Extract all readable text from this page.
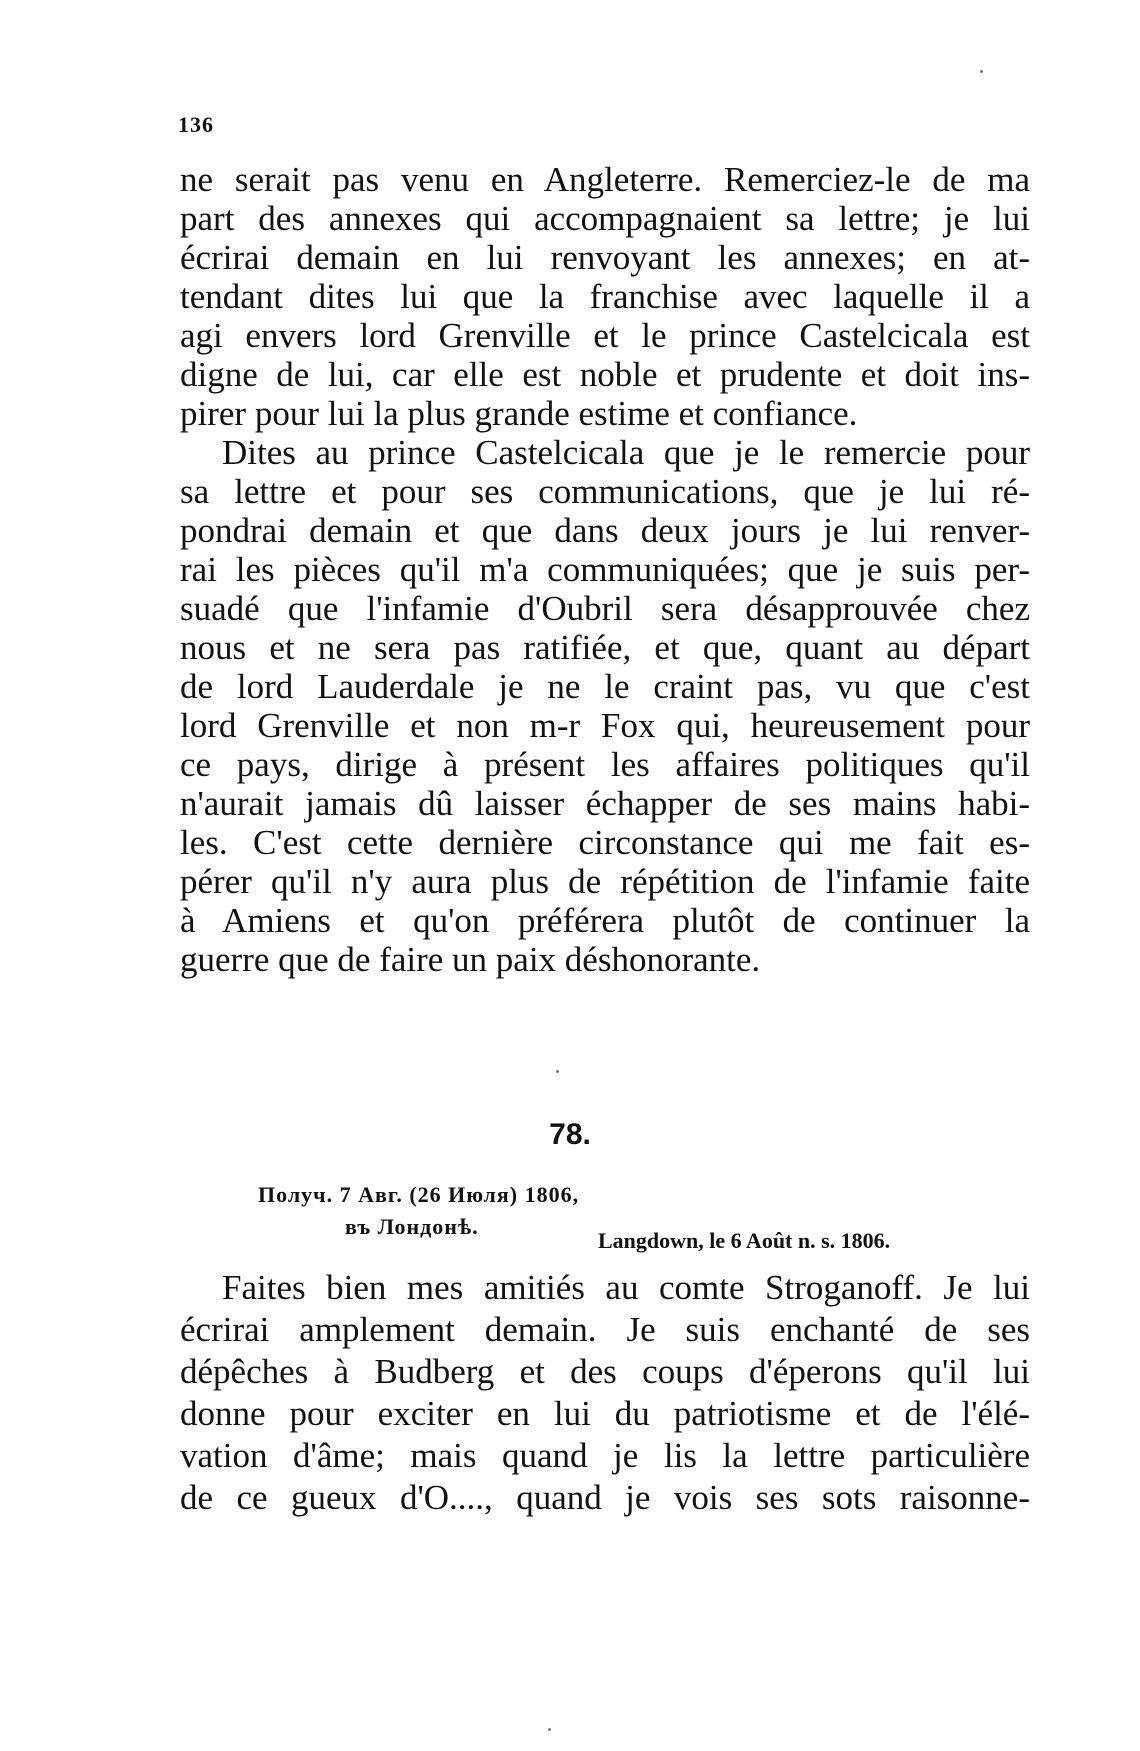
136
ne serait pas venu en Angleterre. Remerciez-le de ma
part des annexes qui accompagnaient sa lettre; je lui
écrirai demain en lui renvoyant les annexes; en at-
tendant dites lui que la franchise avec laquelle il a
agi envers lord Grenville et le prince Castelcicala est
digne de lui, car elle est noble et prudente et doit ins-
pirer pour lui la plus grande estime et confiance.
Dites au prince Castelcicala que je le remercie pour
sa lettre et pour ses communications, que je lui ré-
pondrai demain et que dans deux jours je lui renver-
rai les pièces qu'il m'a communiquées; que je suis per-
suadé que l'infamie d'Oubril sera désapprouvée chez
nous et ne sera pas ratifiée, et que, quant au départ
de lord Lauderdale je ne le craint pas, vu que c'est
lord Grenville et non m-r Fox qui, heureusement pour
ce pays, dirige à présent les affaires politiques qu'il
n'aurait jamais dû laisser échapper de ses mains habi-
les. C'est cette dernière circonstance qui me fait es-
pérer qu'il n'y aura plus de répétition de l'infamie faite
à Amiens et qu'on préférera plutôt de continuer la
guerre que de faire un paix déshonorante.
78.
Получ. 7 Авг. (26 Июля) 1806,
въ Лондонѣ.
Langdown, le 6 Août n. s. 1806.
Faites bien mes amitiés au comte Stroganoff. Je lui
écrirai amplement demain. Je suis enchanté de ses
dépêches à Budberg et des coups d'éperons qu'il lui
donne pour exciter en lui du patriotisme et de l'élé-
vation d'âme; mais quand je lis la lettre particulière
de ce gueux d'O...., quand je vois ses sots raisonne-
